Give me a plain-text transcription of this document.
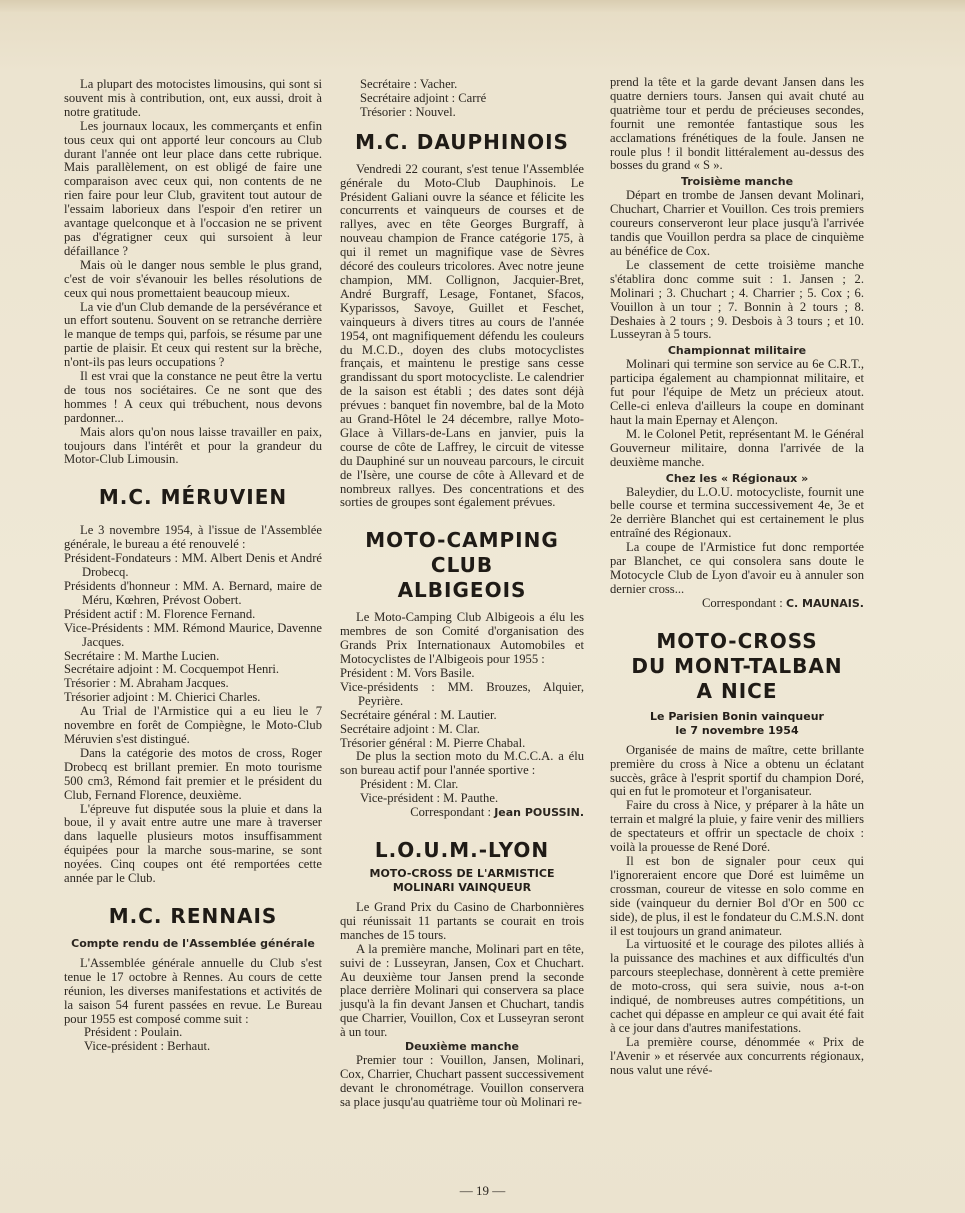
La plupart des motocistes limousins, qui sont si souvent mis à contribution, ont, eux aussi, droit à notre gratitude.

Les journaux locaux, les commerçants et enfin tous ceux qui ont apporté leur concours au Club durant l'année ont leur place dans cette rubrique. Mais parallèlement, on est obligé de faire une comparaison avec ceux qui, non contents de ne rien faire pour leur Club, gravitent tout autour de l'essaim laborieux dans l'espoir d'en retirer un avantage quelconque et à l'occasion ne se privent pas d'égratigner ceux qui sursoient à leur défaillance ?

Mais où le danger nous semble le plus grand, c'est de voir s'évanouir les belles résolutions de ceux qui nous promettaient beaucoup mieux.

La vie d'un Club demande de la persévérance et un effort soutenu. Souvent on se retranche derrière le manque de temps qui, parfois, se résume par une partie de plaisir. Et ceux qui restent sur la brèche, n'ont-ils pas leurs occupations ?

Il est vrai que la constance ne peut être la vertu de tous nos sociétaires. Ce ne sont que des hommes ! A ceux qui trébuchent, nous devons pardonner...

Mais alors qu'on nous laisse travailler en paix, toujours dans l'intérêt et pour la grandeur du Motor-Club Limousin.

M.C. MÉRUVIEN

Le 3 novembre 1954, à l'issue de l'Assemblée générale, le bureau a été renouvelé :

Président-Fondateurs : MM. Albert Denis et André Drobecq.

Présidents d'honneur : MM. A. Bernard, maire de Méru, Kœhren, Prévost Oobert.

Président actif : M. Florence Fernand.

Vice-Présidents : MM. Rémond Maurice, Davenne Jacques.

Secrétaire : M. Marthe Lucien.

Secrétaire adjoint : M. Cocquempot Henri.

Trésorier : M. Abraham Jacques.

Trésorier adjoint : M. Chierici Charles.

Au Trial de l'Armistice qui a eu lieu le 7 novembre en forêt de Compiègne, le Moto-Club Méruvien s'est distingué.

Dans la catégorie des motos de cross, Roger Drobecq est brillant premier. En moto tourisme 500 cm3, Rémond fait premier et le président du Club, Fernand Florence, deuxième.

L'épreuve fut disputée sous la pluie et dans la boue, il y avait entre autre une mare à traverser dans laquelle plusieurs motos insuffisamment équipées pour la marche sous-marine, se sont noyées. Cinq coupes ont été remportées cette année par le Club.

M.C. RENNAIS
Compte rendu de l'Assemblée générale

L'Assemblée générale annuelle du Club s'est tenue le 17 octobre à Rennes. Au cours de cette réunion, les diverses manifestations et activités de la saison 54 furent passées en revue. Le Bureau pour 1955 est composé comme suit :

Président : Poulain.

Vice-président : Berhaut.

Secrétaire : Vacher.

Secrétaire adjoint : Carré

Trésorier : Nouvel.

M.C. DAUPHINOIS

Vendredi 22 courant, s'est tenue l'Assemblée générale du Moto-Club Dauphinois. Le Président Galiani ouvre la séance et félicite les concurrents et vainqueurs de courses et de rallyes, avec en tête Georges Burgraff, à nouveau champion de France catégorie 175, à qui il remet un magnifique vase de Sèvres décoré des couleurs tricolores. Avec notre jeune champion, MM. Collignon, Jacquier-Bret, André Burgraff, Lesage, Fontanet, Sfacos, Kyparissos, Savoye, Guillet et Feschet, vainqueurs à divers titres au cours de l'année 1954, ont magnifiquement défendu les couleurs du M.C.D., doyen des clubs motocyclistes français, et maintenu le prestige sans cesse grandissant du sport motocycliste. Le calendrier de la saison est établi ; des dates sont déjà prévues : banquet fin novembre, bal de la Moto au Grand-Hôtel le 24 décembre, rallye Moto-Glace à Villars-de-Lans en janvier, puis la course de côte de Laffrey, le circuit de vitesse du Dauphiné sur un nouveau parcours, le circuit de l'Isère, une course de côte à Allevard et de nombreux rallyes. Des concentrations et des sorties de groupes sont également prévues.

MOTO-CAMPING CLUB
ALBIGEOIS

Le Moto-Camping Club Albigeois a élu les membres de son Comité d'organisation des Grands Prix Internationaux Automobiles et Motocyclistes de l'Albigeois pour 1955 :

Président : M. Vors Basile.

Vice-présidents : MM. Brouzes, Alquier, Peyrière.

Secrétaire général : M. Lautier.

Secrétaire adjoint : M. Clar.

Trésorier général : M. Pierre Chabal.

De plus la section moto du M.C.C.A. a élu son bureau actif pour l'année sportive :

Président : M. Clar.

Vice-président : M. Pauthe.

Correspondant : Jean POUSSIN.
L.O.U.M.-LYON
MOTO-CROSS DE L'ARMISTICE
MOLINARI VAINQUEUR

Le Grand Prix du Casino de Charbonnières qui réunissait 11 partants se courait en trois manches de 15 tours.

A la première manche, Molinari part en tête, suivi de : Lusseyran, Jansen, Cox et Chuchart. Au deuxième tour Jansen prend la seconde place derrière Molinari qui conservera sa place jusqu'à la fin devant Jansen et Chuchart, tandis que Charrier, Vouillon, Cox et Lusseyran seront à un tour.

Deuxième manche

Premier tour : Vouillon, Jansen, Molinari, Cox, Charrier, Chuchart passent successivement devant le chronométrage. Vouillon conservera sa place jusqu'au quatrième tour où Molinari re-

prend la tête et la garde devant Jansen dans les quatre derniers tours. Jansen qui avait chuté au quatrième tour et perdu de précieuses secondes, fournit une remontée fantastique sous les acclamations frénétiques de la foule. Jansen ne roule plus ! il bondit littéralement au-dessus des bosses du grand « S ».

Troisième manche

Départ en trombe de Jansen devant Molinari, Chuchart, Charrier et Vouillon. Ces trois premiers coureurs conserveront leur place jusqu'à l'arrivée tandis que Vouillon perdra sa place de cinquième au bénéfice de Cox.

Le classement de cette troisième manche s'établira donc comme suit : 1. Jansen ; 2. Molinari ; 3. Chuchart ; 4. Charrier ; 5. Cox ; 6. Vouillon à un tour ; 7. Bonnin à 2 tours ; 8. Deshaies à 2 tours ; 9. Desbois à 3 tours ; et 10. Lusseyran à 5 tours.

Championnat militaire

Molinari qui termine son service au 6e C.R.T., participa également au championnat militaire, et fut pour l'équipe de Metz un précieux atout. Celle-ci enleva d'ailleurs la coupe en dominant haut la main Epernay et Alençon.

M. le Colonel Petit, représentant M. le Général Gouverneur militaire, donna l'arrivée de la deuxième manche.

Chez les « Régionaux »

Baleydier, du L.O.U. motocycliste, fournit une belle course et termina successivement 4e, 3e et 2e derrière Blanchet qui est certainement le plus entraîné des Régionaux.

La coupe de l'Armistice fut donc remportée par Blanchet, ce qui consolera sans doute le Motocycle Club de Lyon d'avoir eu à annuler son dernier cross...

Correspondant : C. MAUNAIS.
MOTO-CROSS
DU MONT-TALBAN
A NICE
Le Parisien Bonin vainqueur
le 7 novembre 1954

Organisée de mains de maître, cette brillante première du cross à Nice a obtenu un éclatant succès, grâce à l'esprit sportif du champion Doré, qui en fut le promoteur et l'organisateur.

Faire du cross à Nice, y préparer à la hâte un terrain et malgré la pluie, y faire venir des milliers de spectateurs et offrir un spectacle de choix : voilà la prouesse de René Doré.

Il est bon de signaler pour ceux qui l'ignoreraient encore que Doré est luimême un crossman, coureur de vitesse en solo comme en side (vainqueur du dernier Bol d'Or en 500 cc side), de plus, il est le fondateur du C.M.S.N. dont il est toujours un grand animateur.

La virtuosité et le courage des pilotes alliés à la puissance des machines et aux difficultés d'un parcours steeplechase, donnèrent à cette première de moto-cross, qui sera suivie, nous a-t-on indiqué, de nombreuses autres compétitions, un cachet qui dépasse en ampleur ce qui avait été fait à ce jour dans d'autres manifestations.

La première course, dénommée « Prix de l'Avenir » et réservée aux concurrents régionaux, nous valut une révé-

— 19 —
